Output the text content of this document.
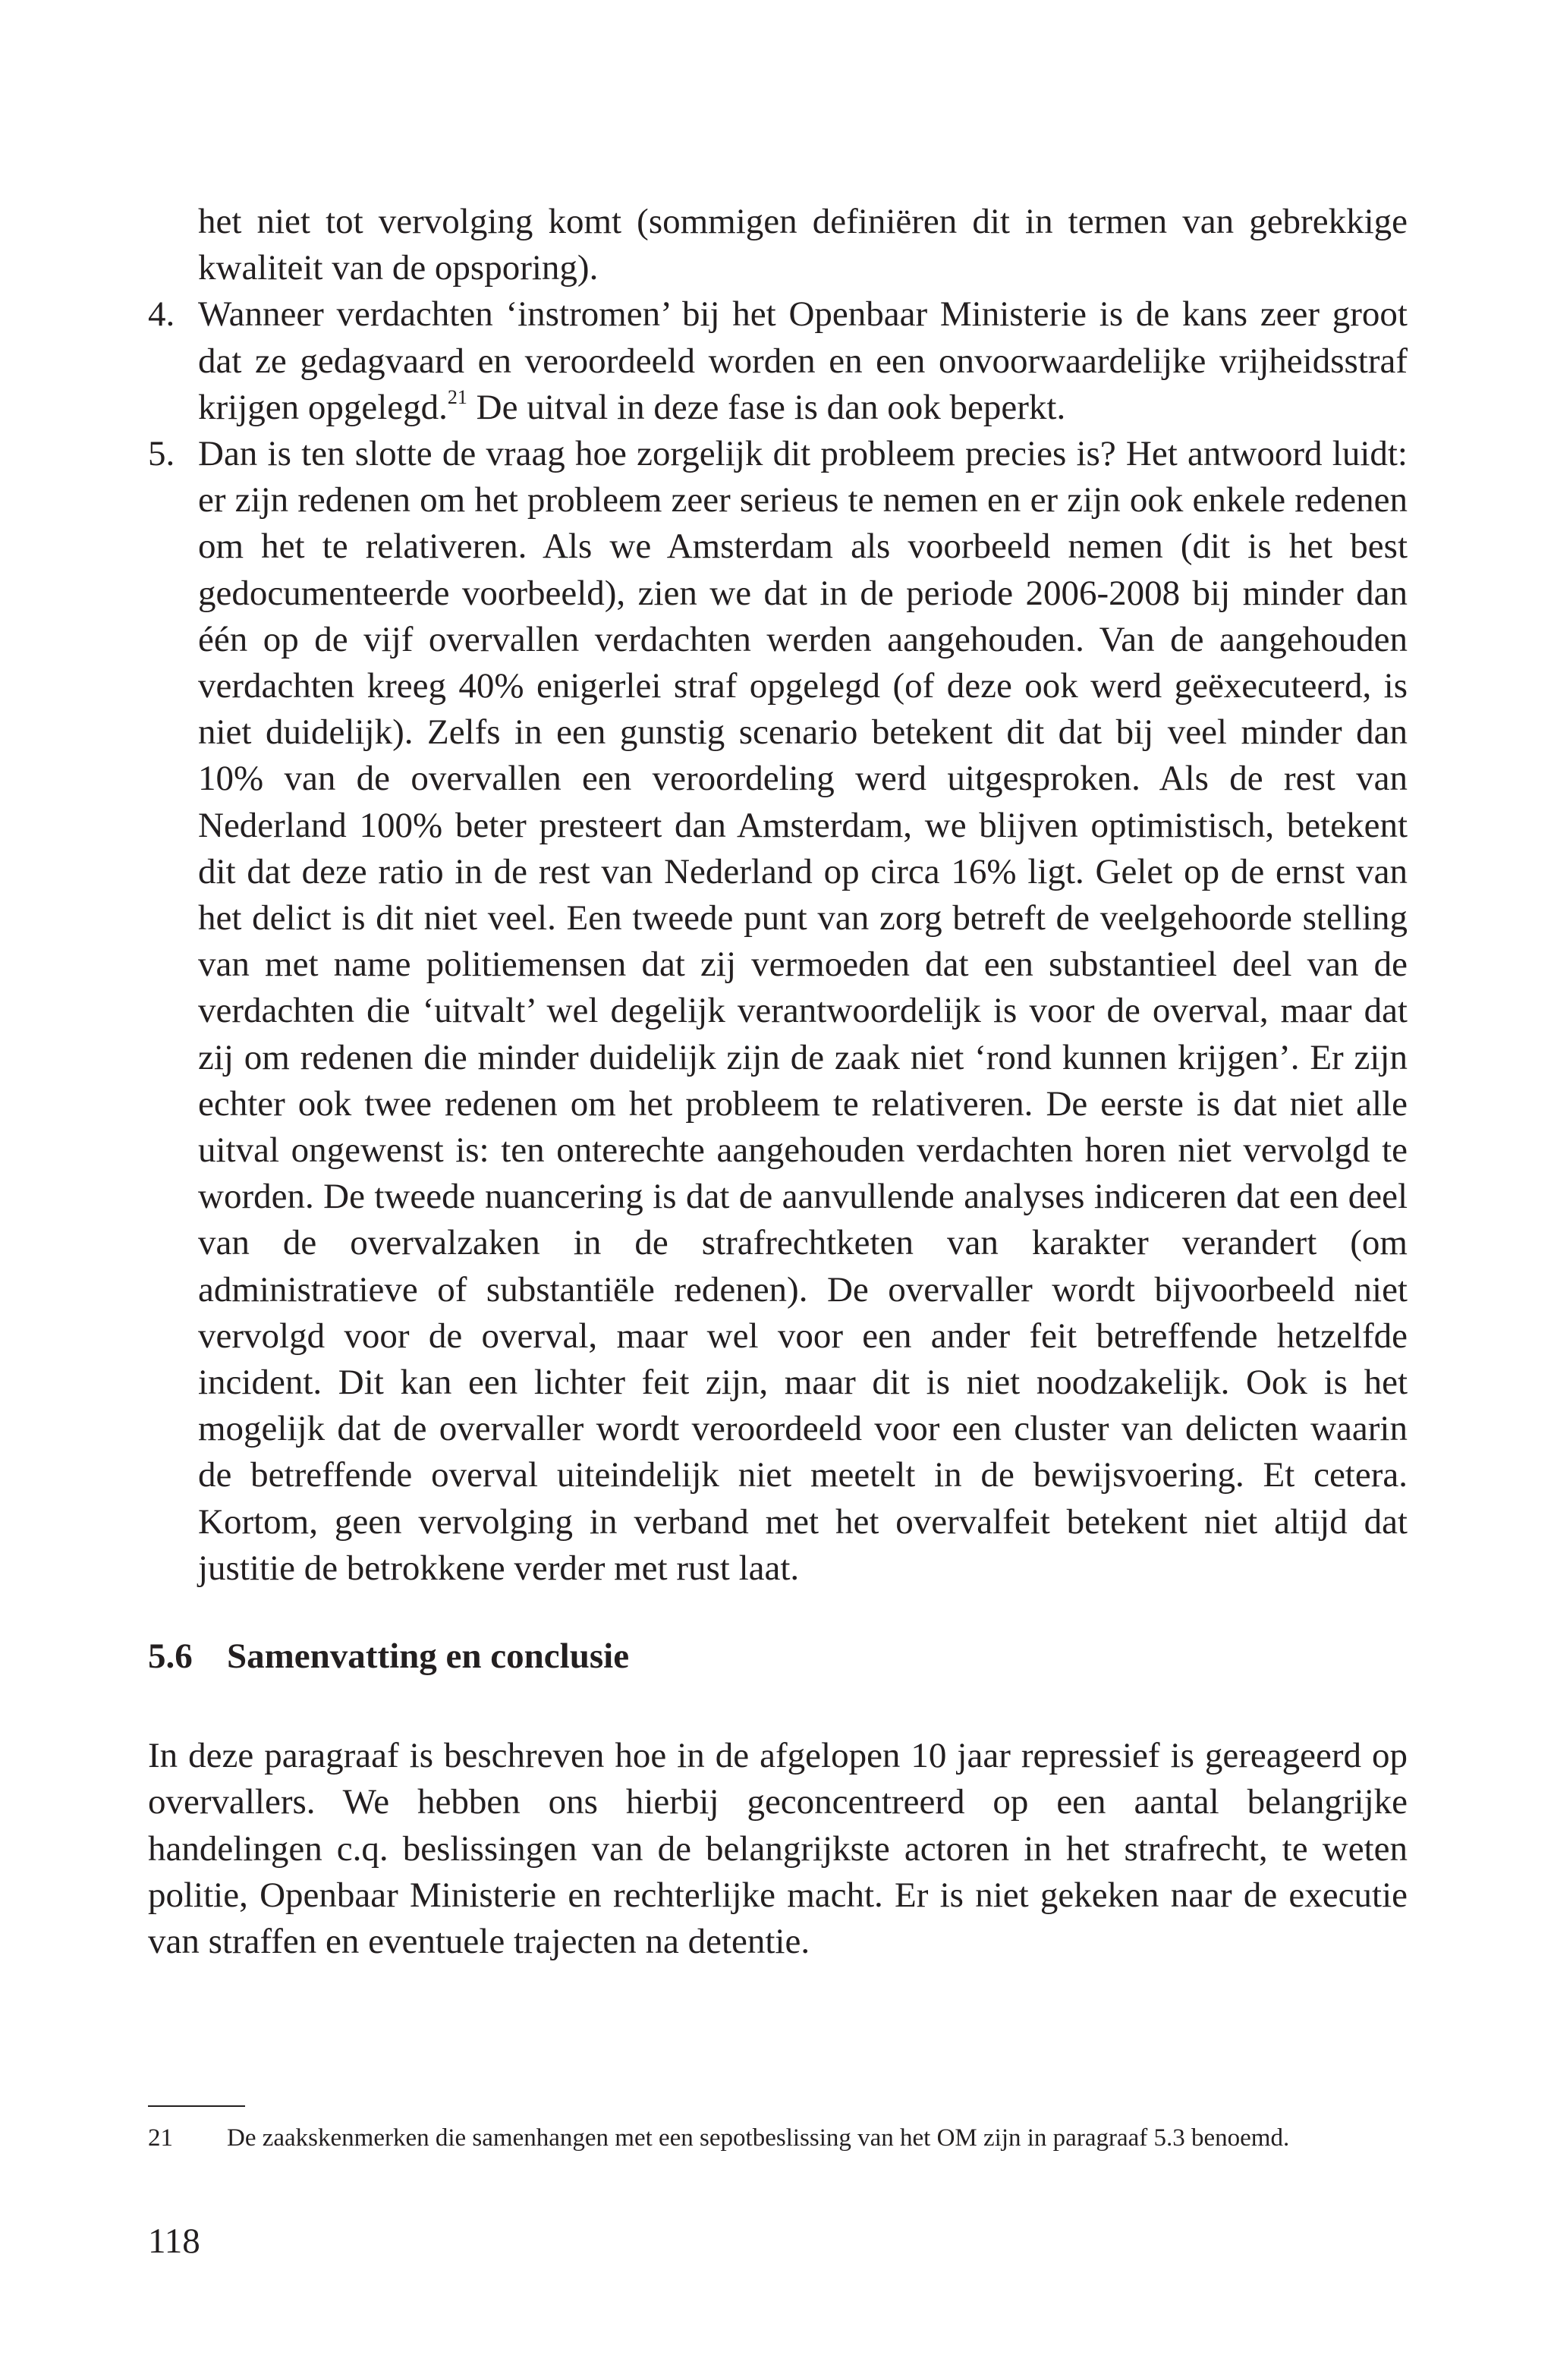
het niet tot vervolging komt (sommigen definiëren dit in termen van gebrekkige kwaliteit van de opsporing).

4. Wanneer verdachten ‘instromen’ bij het Openbaar Ministerie is de kans zeer groot dat ze gedagvaard en veroordeeld worden en een onvoorwaardelijke vrijheidsstraf krijgen opgelegd.$^{21}$ De uitval in deze fase is dan ook beperkt.

5. Dan is ten slotte de vraag hoe zorgelijk dit probleem precies is? Het antwoord luidt: er zijn redenen om het probleem zeer serieus te nemen en er zijn ook enkele redenen om het te relativeren. Als we Amsterdam als voorbeeld nemen (dit is het best gedocumenteerde voorbeeld), zien we dat in de periode 2006-2008 bij minder dan één op de vijf overvallen verdachten werden aangehouden. Van de aangehouden verdachten kreeg 40% enigerlei straf opgelegd (of deze ook werd geëxecuteerd, is niet duidelijk). Zelfs in een gunstig scenario betekent dit dat bij veel minder dan 10% van de overvallen een veroordeling werd uitgesproken. Als de rest van Nederland 100% beter presteert dan Amsterdam, we blijven optimistisch, betekent dit dat deze ratio in de rest van Nederland op circa 16% ligt. Gelet op de ernst van het delict is dit niet veel. Een tweede punt van zorg betreft de veelgehoorde stelling van met name politiemensen dat zij vermoeden dat een substantieel deel van de verdachten die ‘uitvalt’ wel degelijk verantwoordelijk is voor de overval, maar dat zij om redenen die minder duidelijk zijn de zaak niet ‘rond kunnen krijgen’. Er zijn echter ook twee redenen om het probleem te relativeren. De eerste is dat niet alle uitval ongewenst is: ten onterechte aangehouden verdachten horen niet vervolgd te worden. De tweede nuancering is dat de aanvullende analyses indiceren dat een deel van de overvalzaken in de strafrechtketen van karakter verandert (om administratieve of substantiële redenen). De overvaller wordt bijvoorbeeld niet vervolgd voor de overval, maar wel voor een ander feit betreffende hetzelfde incident. Dit kan een lichter feit zijn, maar dit is niet noodzakelijk. Ook is het mogelijk dat de overvaller wordt veroordeeld voor een cluster van delicten waarin de betreffende overval uiteindelijk niet meetelt in de bewijsvoering. Et cetera. Kortom, geen vervolging in verband met het overvalfeit betekent niet altijd dat justitie de betrokkene verder met rust laat.

5.6 Samenvatting en conclusie

In deze paragraaf is beschreven hoe in de afgelopen 10 jaar repressief is gereageerd op overvallers. We hebben ons hierbij geconcentreerd op een aantal belangrijke handelingen c.q. beslissingen van de belangrijkste actoren in het strafrecht, te weten politie, Openbaar Ministerie en rechterlijke macht. Er is niet gekeken naar de executie van straffen en eventuele trajecten na detentie.

21	De zaakskenmerken die samenhangen met een sepotbeslissing van het OM zijn in paragraaf 5.3 benoemd.
118
